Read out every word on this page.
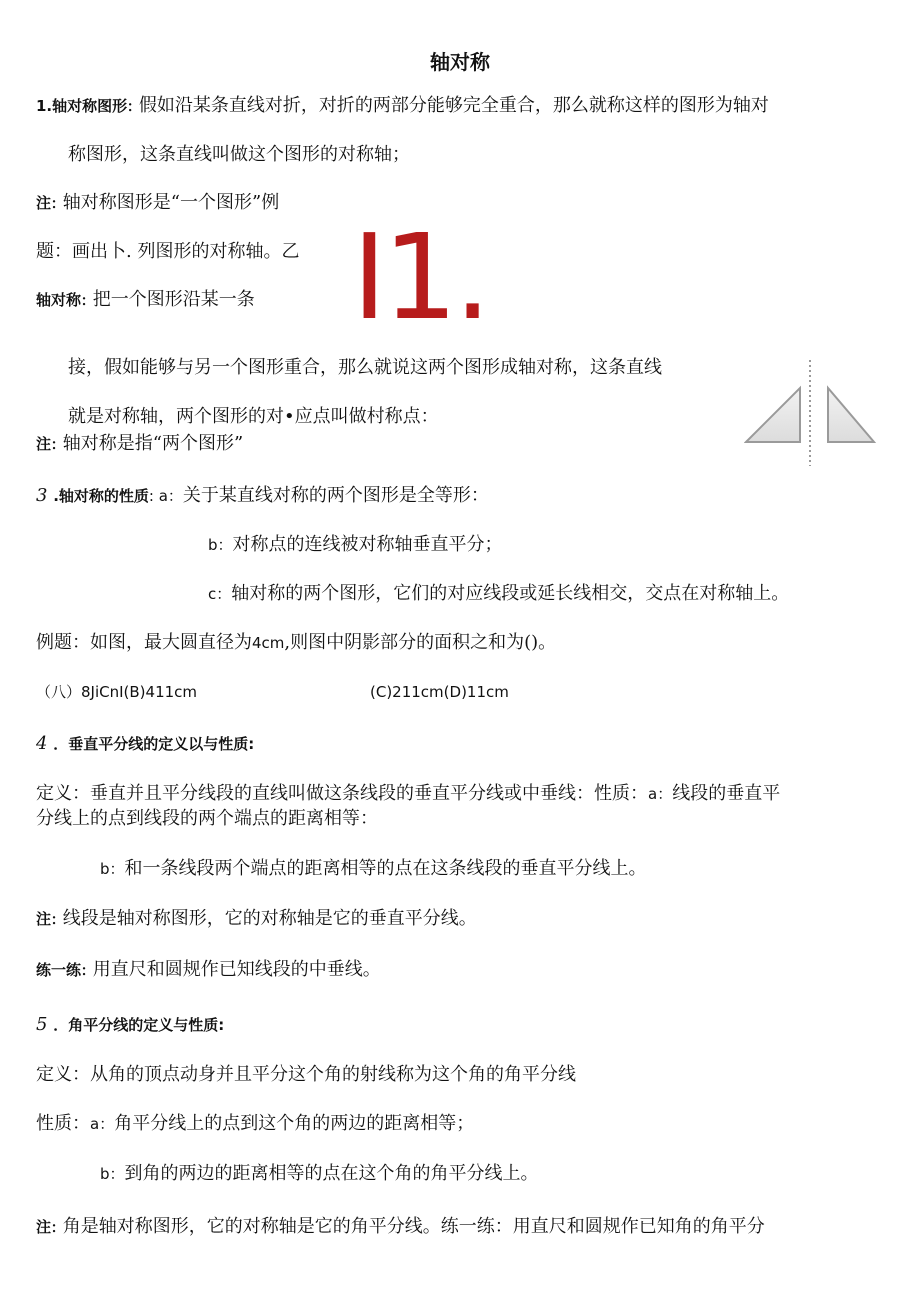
轴对称
1.轴对称图形: 假如沿某条直线对折，对折的两部分能够完全重合，那么就称这样的图形为轴对
称图形，这条直线叫做这个图形的对称轴；
注: 轴对称图形是“一个图形”例
题：画出卜. 列图形的对称轴。乙
轴对称: 把一个图形沿某一条 I1.
接，假如能够与另一个图形重合，那么就说这两个图形成轴对称，这条直线
就是对称轴，两个图形的对•应点叫做村称点：
注: 轴对称是指“两个图形”
3 .轴对称的性质: a：关于某直线对称的两个图形是全等形：
b：对称点的连线被对称轴垂直平分；
c：轴对称的两个图形，它们的对应线段或延长线相交，交点在对称轴上。
例题：如图，最大圆直径为4cm,则图中阴影部分的面积之和为()。
（八）8JiCnI(B)411cm	(C)211cm(D)11cm
4 ．垂直平分线的定义以与性质:
定义：垂直并且平分线段的直线叫做这条线段的垂直平分线或中垂线：性质：a：线段的垂直平
分线上的点到线段的两个端点的距离相等：
b：和一条线段两个端点的距离相等的点在这条线段的垂直平分线上。
注: 线段是轴对称图形，它的对称轴是它的垂直平分线。
练一练: 用直尺和圆规作已知线段的中垂线。
5 ．角平分线的定义与性质:
定义：从角的顶点动身并且平分这个角的射线称为这个角的角平分线
性质：a：角平分线上的点到这个角的两边的距离相等；
b：到角的两边的距离相等的点在这个角的角平分线上。
注: 角是轴对称图形，它的对称轴是它的角平分线。练一练：用直尺和圆规作已知角的角平分
